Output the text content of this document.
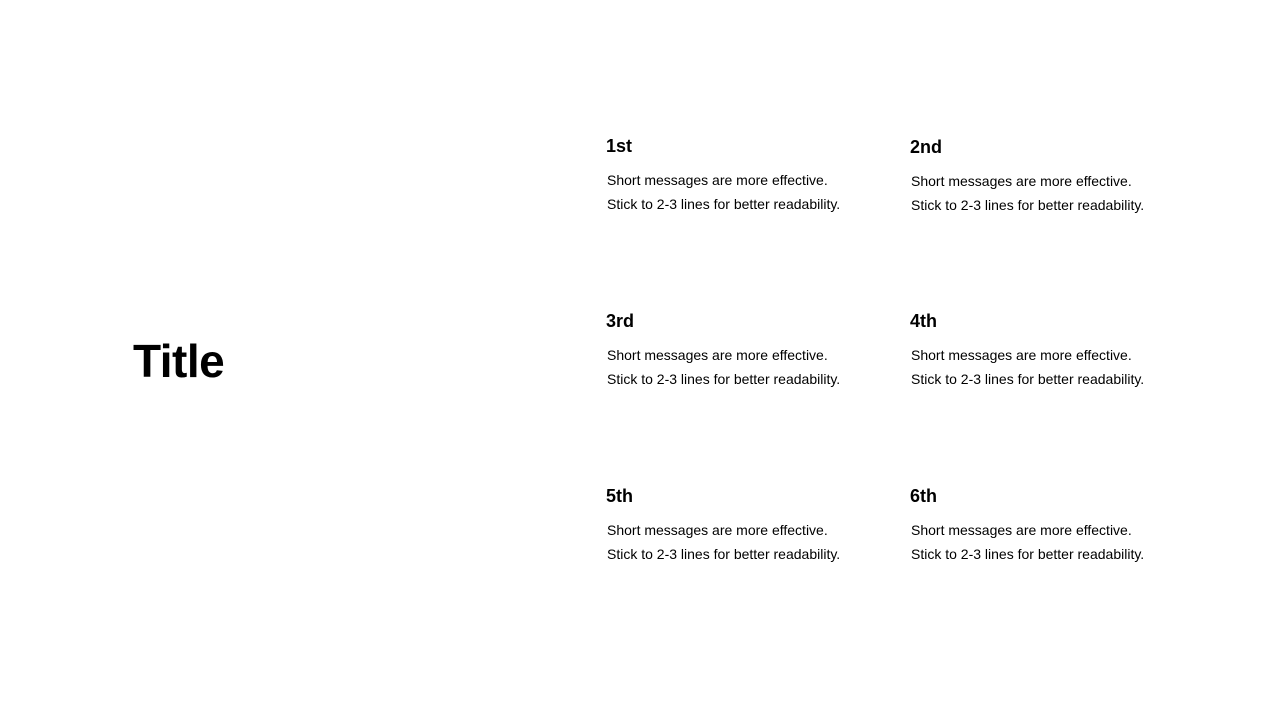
Title
1st

Short messages are more effective.
Stick to 2-3 lines for better readability.

2nd

Short messages are more effective.
Stick to 2-3 lines for better readability.

3rd

Short messages are more effective.
Stick to 2-3 lines for better readability.

4th

Short messages are more effective.
Stick to 2-3 lines for better readability.

5th

Short messages are more effective.
Stick to 2-3 lines for better readability.

6th

Short messages are more effective.
Stick to 2-3 lines for better readability.
